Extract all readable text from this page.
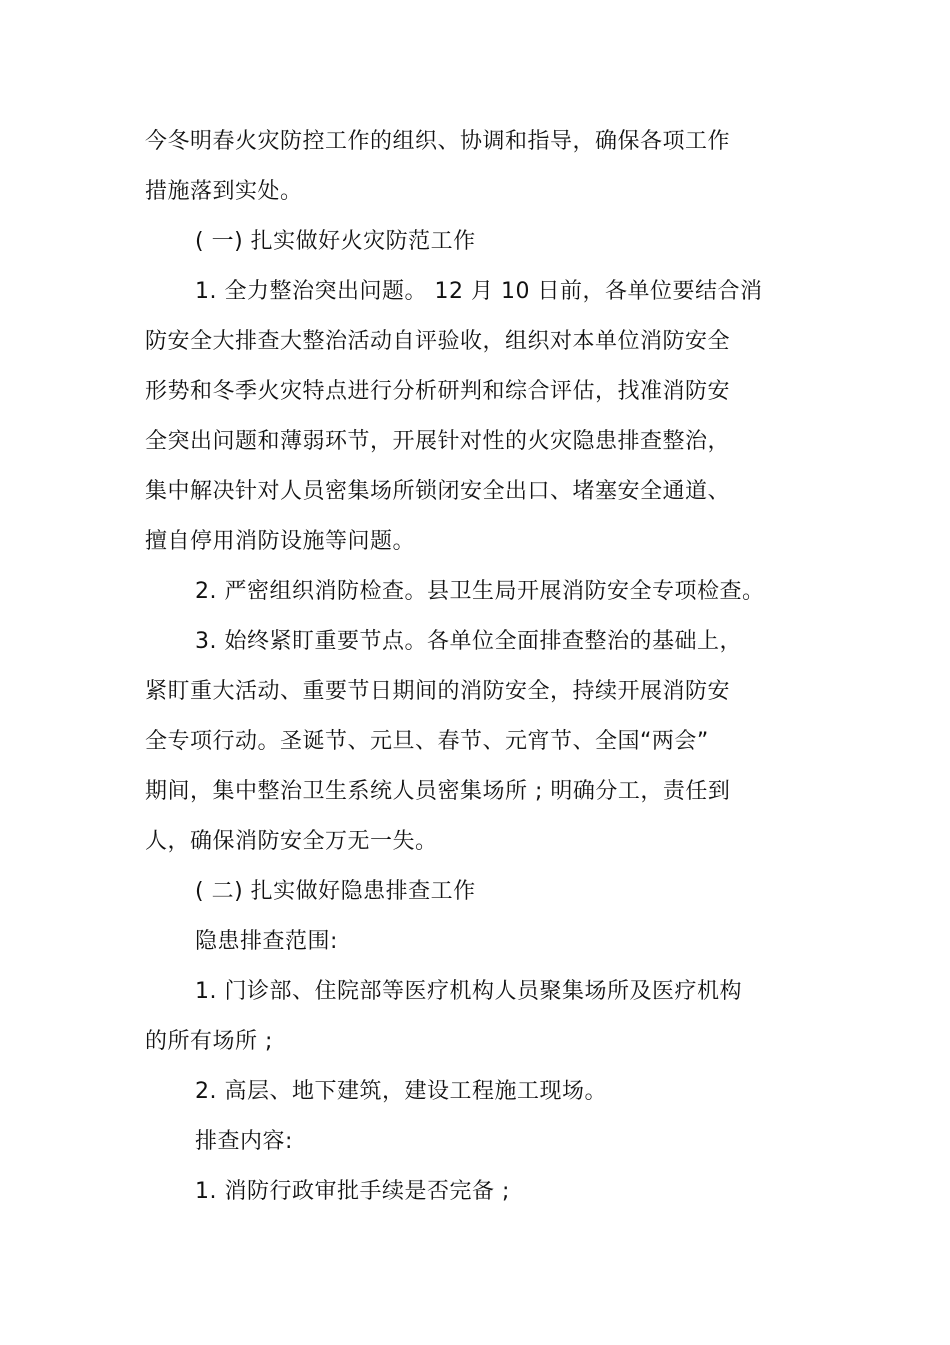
今冬明春火灾防控工作的组织、协调和指导，确保各项工作
措施落到实处。
( 一) 扎实做好火灾防范工作
1. 全力整治突出问题。 12 月 10 日前，各单位要结合消
防安全大排查大整治活动自评验收，组织对本单位消防安全
形势和冬季火灾特点进行分析研判和综合评估，找准消防安
全突出问题和薄弱环节，开展针对性的火灾隐患排查整治，
集中解决针对人员密集场所锁闭安全出口、堵塞安全通道、
擅自停用消防设施等问题。
2. 严密组织消防检查。县卫生局开展消防安全专项检查。
3. 始终紧盯重要节点。各单位全面排查整治的基础上，
紧盯重大活动、重要节日期间的消防安全，持续开展消防安
全专项行动。圣诞节、元旦、春节、元宵节、全国“两会”
期间，集中整治卫生系统人员密集场所 ; 明确分工，责任到
人，确保消防安全万无一失。
( 二) 扎实做好隐患排查工作
隐患排查范围:
1. 门诊部、住院部等医疗机构人员聚集场所及医疗机构
的所有场所 ;
2. 高层、地下建筑，建设工程施工现场。
排查内容:
1. 消防行政审批手续是否完备 ;
